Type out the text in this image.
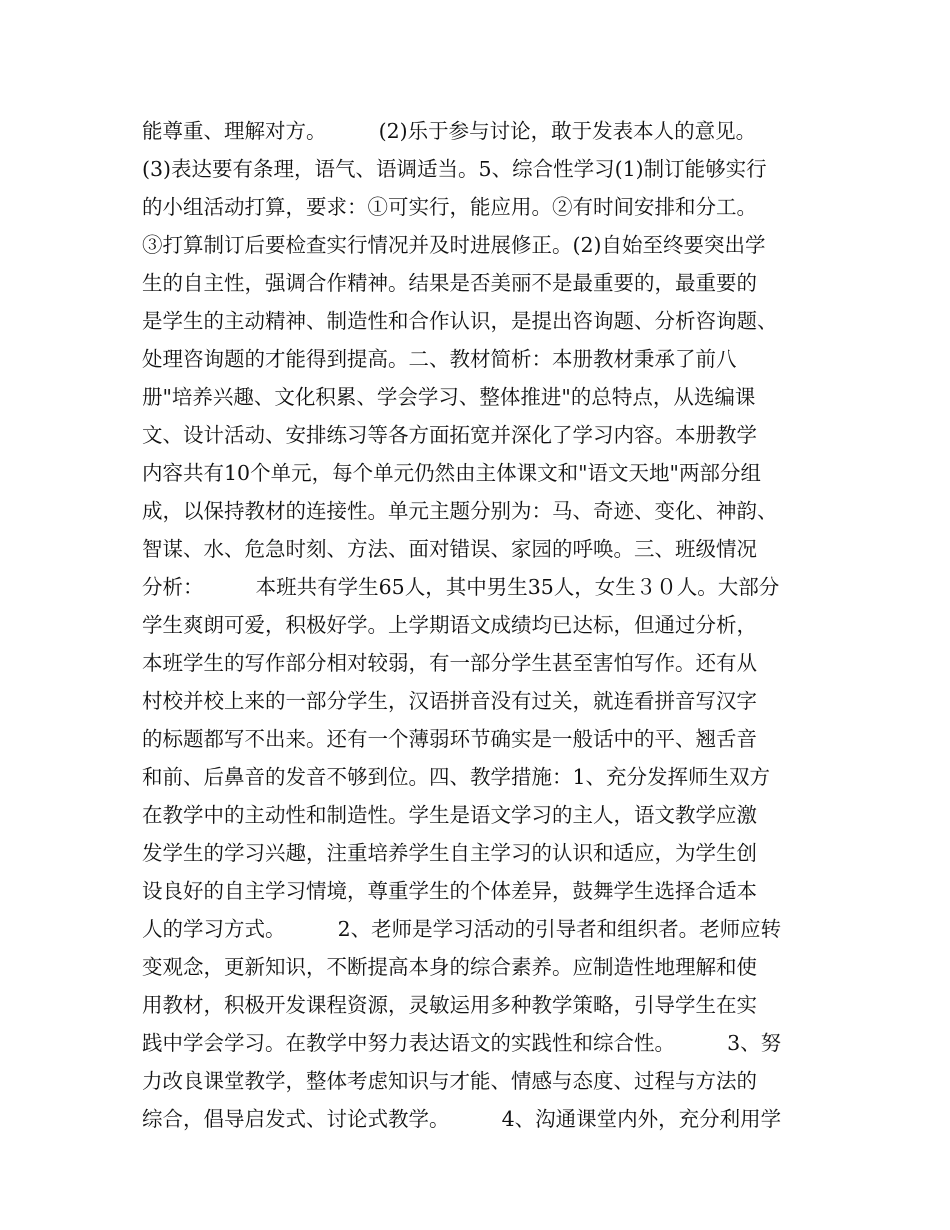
能尊重、理解对方。        (2)乐于参与讨论，敢于发表本人的意见。
(3)表达要有条理，语气、语调适当。5、综合性学习(1)制订能够实行
的小组活动打算，要求：①可实行，能应用。②有时间安排和分工。
③打算制订后要检查实行情况并及时进展修正。(2)自始至终要突出学
生的自主性，强调合作精神。结果是否美丽不是最重要的，最重要的
是学生的主动精神、制造性和合作认识，是提出咨询题、分析咨询题、
处理咨询题的才能得到提高。二、教材简析：本册教材秉承了前八
册"培养兴趣、文化积累、学会学习、整体推进"的总特点，从选编课
文、设计活动、安排练习等各方面拓宽并深化了学习内容。本册教学
内容共有10个单元，每个单元仍然由主体课文和"语文天地"两部分组
成，以保持教材的连接性。单元主题分别为：马、奇迹、变化、神韵、
智谋、水、危急时刻、方法、面对错误、家园的呼唤。三、班级情况
分析：        本班共有学生65人，其中男生35人，女生３０人。大部分
学生爽朗可爱，积极好学。上学期语文成绩均已达标，但通过分析，
本班学生的写作部分相对较弱，有一部分学生甚至害怕写作。还有从
村校并校上来的一部分学生，汉语拼音没有过关，就连看拼音写汉字
的标题都写不出来。还有一个薄弱环节确实是一般话中的平、翘舌音
和前、后鼻音的发音不够到位。四、教学措施：1、充分发挥师生双方
在教学中的主动性和制造性。学生是语文学习的主人，语文教学应激
发学生的学习兴趣，注重培养学生自主学习的认识和适应，为学生创
设良好的自主学习情境，尊重学生的个体差异，鼓舞学生选择合适本
人的学习方式。        2、老师是学习活动的引导者和组织者。老师应转
变观念，更新知识，不断提高本身的综合素养。应制造性地理解和使
用教材，积极开发课程资源，灵敏运用多种教学策略，引导学生在实
践中学会学习。在教学中努力表达语文的实践性和综合性。        3、努
力改良课堂教学，整体考虑知识与才能、情感与态度、过程与方法的
综合，倡导启发式、讨论式教学。        4、沟通课堂内外，充分利用学
